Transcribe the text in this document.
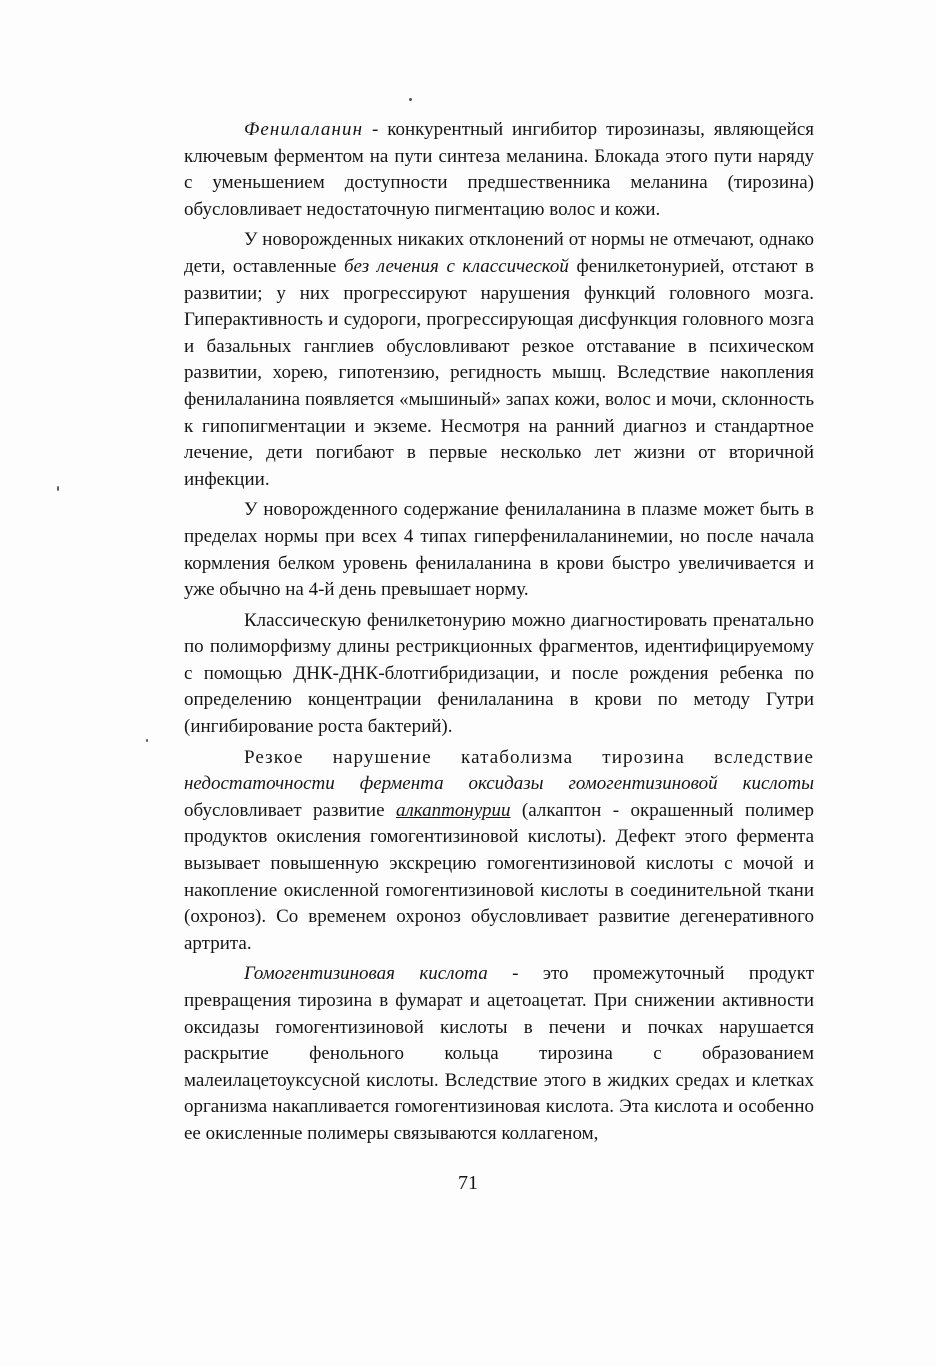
Фенилаланин - конкурентный ингибитор тирозиназы, являющейся ключевым ферментом на пути синтеза меланина. Блокада этого пути наряду с уменьшением доступности предшественника меланина (тирозина) обусловливает недостаточную пигментацию волос и кожи.

У новорожденных никаких отклонений от нормы не отмечают, однако дети, оставленные без лечения с классической фенилкетонурией, отстают в развитии; у них прогрессируют нарушения функций головного мозга. Гиперактивность и судороги, прогрессирующая дисфункция головного мозга и базальных ганглиев обусловливают резкое отставание в психическом развитии, хорею, гипотензию, регидность мышц. Вследствие накопления фенилаланина появляется «мышиный» запах кожи, волос и мочи, склонность к гипопигментации и экземе. Несмотря на ранний диагноз и стандартное лечение, дети погибают в первые несколько лет жизни от вторичной инфекции.

У новорожденного содержание фенилаланина в плазме может быть в пределах нормы при всех 4 типах гиперфенилаланинемии, но после начала кормления белком уровень фенилаланина в крови быстро увеличивается и уже обычно на 4-й день превышает норму.

Классическую фенилкетонурию можно диагностировать пренатально по полиморфизму длины рестрикционных фрагментов, идентифицируемому с помощью ДНК-ДНК-блотгибридизации, и после рождения ребенка по определению концентрации фенилаланина в крови по методу Гутри (ингибирование роста бактерий).

Резкое нарушение катаболизма тирозина вследствие недостаточности фермента оксидазы гомогентизиновой кислоты обусловливает развитие алкаптонурии (алкаптон - окрашенный полимер продуктов окисления гомогентизиновой кислоты). Дефект этого фермента вызывает повышенную экскрецию гомогентизиновой кислоты с мочой и накопление окисленной гомогентизиновой кислоты в соединительной ткани (охроноз). Со временем охроноз обусловливает развитие дегенеративного артрита.

Гомогентизиновая кислота - это промежуточный продукт превращения тирозина в фумарат и ацетоацетат. При снижении активности оксидазы гомогентизиновой кислоты в печени и почках нарушается раскрытие фенольного кольца тирозина с образованием малеилацетоуксусной кислоты. Вследствие этого в жидких средах и клетках организма накапливается гомогентизиновая кислота. Эта кислота и особенно ее окисленные полимеры связываются коллагеном,

71
